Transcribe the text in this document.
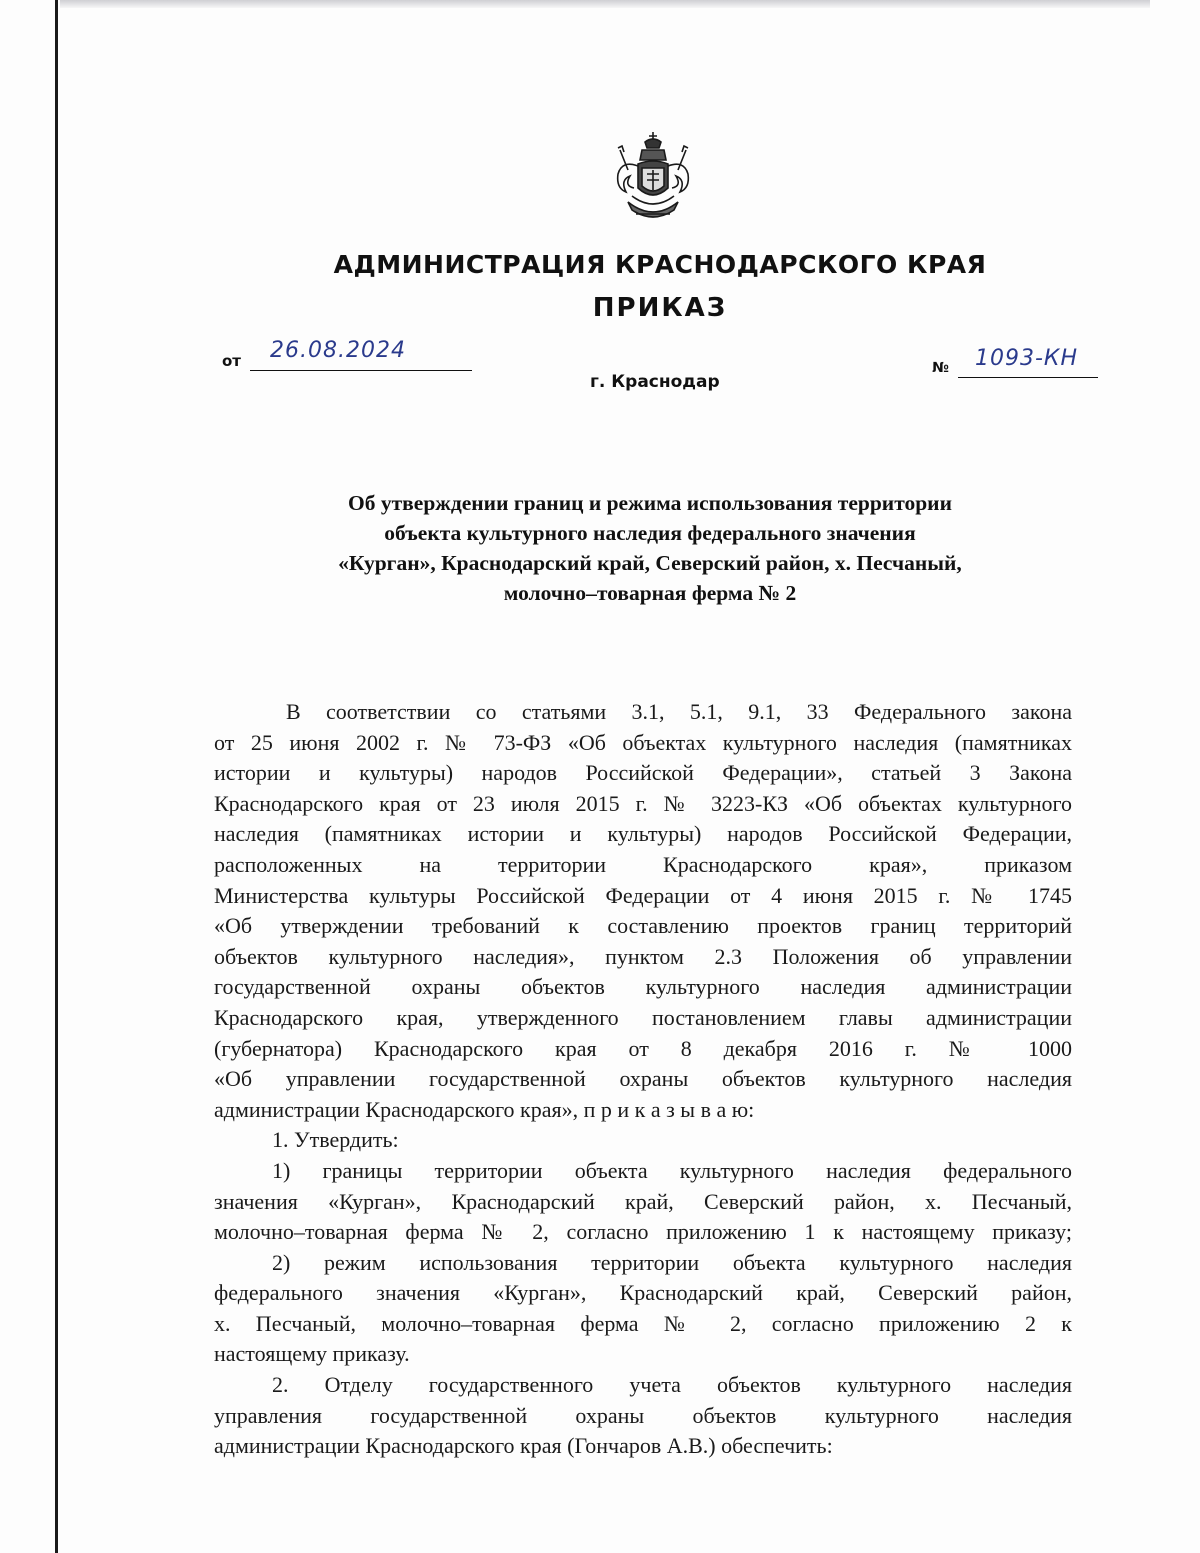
АДМИНИСТРАЦИЯ КРАСНОДАРСКОГО КРАЯ
ПРИКАЗ
от 26.08.2024
г. Краснодар
№ 1093-КН
Об утверждении границ и режима использования территории
объекта культурного наследия федерального значения
«Курган», Краснодарский край, Северский район, х. Песчаный,
молочно–товарная ферма № 2
В соответствии со статьями 3.1, 5.1, 9.1, 33 Федерального закона
от 25 июня 2002 г. № 73-ФЗ «Об объектах культурного наследия (памятниках
истории и культуры) народов Российской Федерации», статьей 3 Закона
Краснодарского края от 23 июля 2015 г. № 3223-КЗ «Об объектах культурного
наследия (памятниках истории и культуры) народов Российской Федерации,
расположенных на территории Краснодарского края», приказом
Министерства культуры Российской Федерации от 4 июня 2015 г. № 1745
«Об утверждении требований к составлению проектов границ территорий
объектов культурного наследия», пунктом 2.3 Положения об управлении
государственной охраны объектов культурного наследия администрации
Краснодарского края, утвержденного постановлением главы администрации
(губернатора) Краснодарского края от 8 декабря 2016 г. № 1000
«Об управлении государственной охраны объектов культурного наследия
администрации Краснодарского края», п р и к а з ы в а ю:
1. Утвердить:
1) границы территории объекта культурного наследия федерального
значения «Курган», Краснодарский край, Северский район, х. Песчаный,
молочно–товарная ферма № 2, согласно приложению 1 к настоящему приказу;
2) режим использования территории объекта культурного наследия
федерального значения «Курган», Краснодарский край, Северский район,
х. Песчаный, молочно–товарная ферма № 2, согласно приложению 2 к
настоящему приказу.
2. Отделу государственного учета объектов культурного наследия
управления государственной охраны объектов культурного наследия
администрации Краснодарского края (Гончаров А.В.) обеспечить:
